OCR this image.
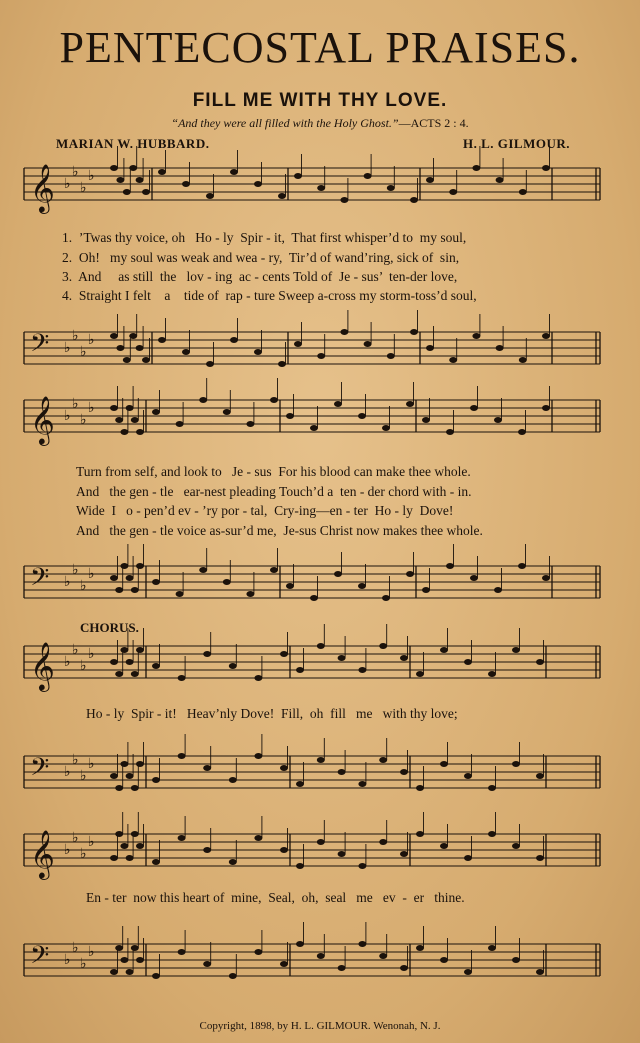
PENTECOSTAL PRAISES.
FILL ME WITH THY LOVE.
“And they were all filled with the Holy Ghost.”—ACTS 2 : 4.
MARIAN W. HUBBARD.	H. L. GILMOUR.
𝄞 ♭
♭
♭
♭
𝄢 ♭
♭
♭
♭
𝄞 ♭
♭
♭
♭
𝄢 ♭
♭
♭
♭
𝄞 ♭
♭
♭
♭
𝄢 ♭
♭
♭
♭
𝄞 ♭
♭
♭
♭
𝄢 ♭
♭
♭
♭
1.  ’Twas thy voice, oh   Ho - ly  Spir - it,  That first whisper’d to  my soul,
2.  Oh!   my soul was weak and wea - ry,  Tir’d of wand’ring, sick of  sin,
3.  And     as still  the   lov - ing  ac - cents Told of  Je - sus’  ten-der love,
4.  Straight I felt    a    tide of  rap - ture Sweep a-cross my storm-toss’d soul,
Turn from self, and look to   Je - sus  For his blood can make thee whole.
And   the gen - tle   ear-nest pleading Touch’d a  ten - der chord with - in.
Wide  I   o - pen’d ev - ’ry por - tal,  Cry-ing—en - ter  Ho - ly  Dove!
And   the gen - tle voice as-sur’d me,  Je-sus Christ now makes thee whole.
CHORUS.
Ho - ly  Spir - it!   Heav’nly Dove!  Fill,  oh  fill   me   with thy love;
En - ter  now this heart of  mine,  Seal,  oh,  seal   me   ev  -  er   thine.
Copyright, 1898, by H. L. GILMOUR. Wenonah, N. J.
